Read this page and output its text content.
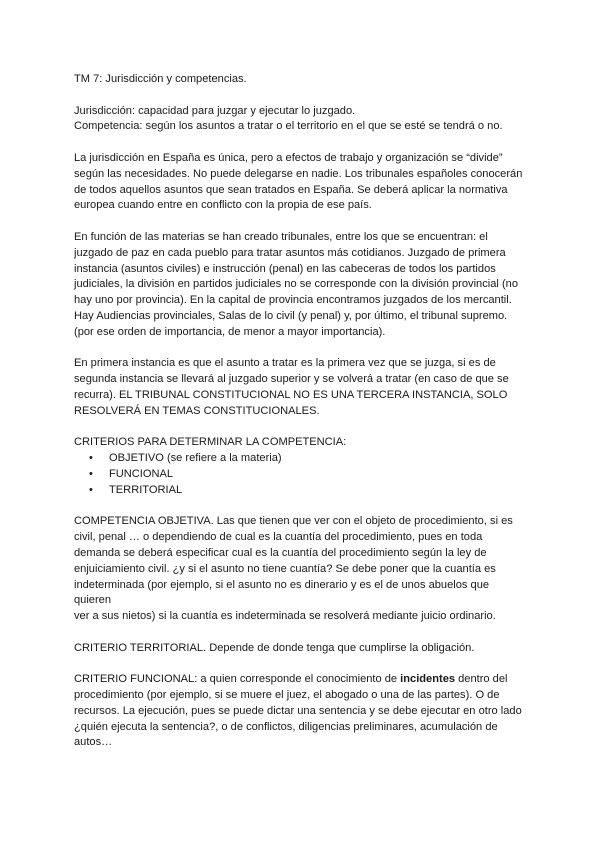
TM 7: Jurisdicción y competencias.

Jurisdicción: capacidad para juzgar y ejecutar lo juzgado.

Competencia: según los asuntos a tratar o el territorio en el que se esté se tendrá o no.

La jurisdicción en España es única, pero a efectos de trabajo y organización se “divide”

según las necesidades. No puede delegarse en nadie. Los tribunales españoles conocerán

de todos aquellos asuntos que sean tratados en España. Se deberá aplicar la normativa

europea cuando entre en conflicto con la propia de ese país.

En función de las materias se han creado tribunales, entre los que se encuentran: el

juzgado de paz en cada pueblo para tratar asuntos más cotidianos. Juzgado de primera

instancia (asuntos civiles) e instrucción (penal) en las cabeceras de todos los partidos

judiciales, la división en partidos judiciales no se corresponde con la división provincial (no

hay uno por provincia). En la capital de provincia encontramos juzgados de los mercantil.

Hay Audiencias provinciales, Salas de lo civil (y penal) y, por último, el tribunal supremo.

(por ese orden de importancia, de menor a mayor importancia).

En primera instancia es que el asunto a tratar es la primera vez que se juzga, si es de

segunda instancia se llevará al juzgado superior y se volverá a tratar (en caso de que se

recurra). EL TRIBUNAL CONSTITUCIONAL NO ES UNA TERCERA INSTANCIA, SOLO

RESOLVERÁ EN TEMAS CONSTITUCIONALES.

CRITERIOS PARA DETERMINAR LA COMPETENCIA:

• OBJETIVO (se refiere a la materia)
• FUNCIONAL
• TERRITORIAL

COMPETENCIA OBJETIVA. Las que tienen que ver con el objeto de procedimiento, si es

civil, penal … o dependiendo de cual es la cuantía del procedimiento, pues en toda

demanda se deberá especificar cual es la cuantía del procedimiento según la ley de

enjuiciamiento civil. ¿y si el asunto no tiene cuantía? Se debe poner que la cuantía es

indeterminada (por ejemplo, si el asunto no es dinerario y es el de unos abuelos que quieren

ver a sus nietos) si la cuantía es indeterminada se resolverá mediante juicio ordinario.

CRITERIO TERRITORIAL. Depende de donde tenga que cumplirse la obligación.

CRITERIO FUNCIONAL: a quien corresponde el conocimiento de incidentes dentro del

procedimiento (por ejemplo, si se muere el juez, el abogado o una de las partes). O de

recursos. La ejecución, pues se puede dictar una sentencia y se debe ejecutar en otro lado

¿quién ejecuta la sentencia?, o de conflictos, diligencias preliminares, acumulación de

autos…
